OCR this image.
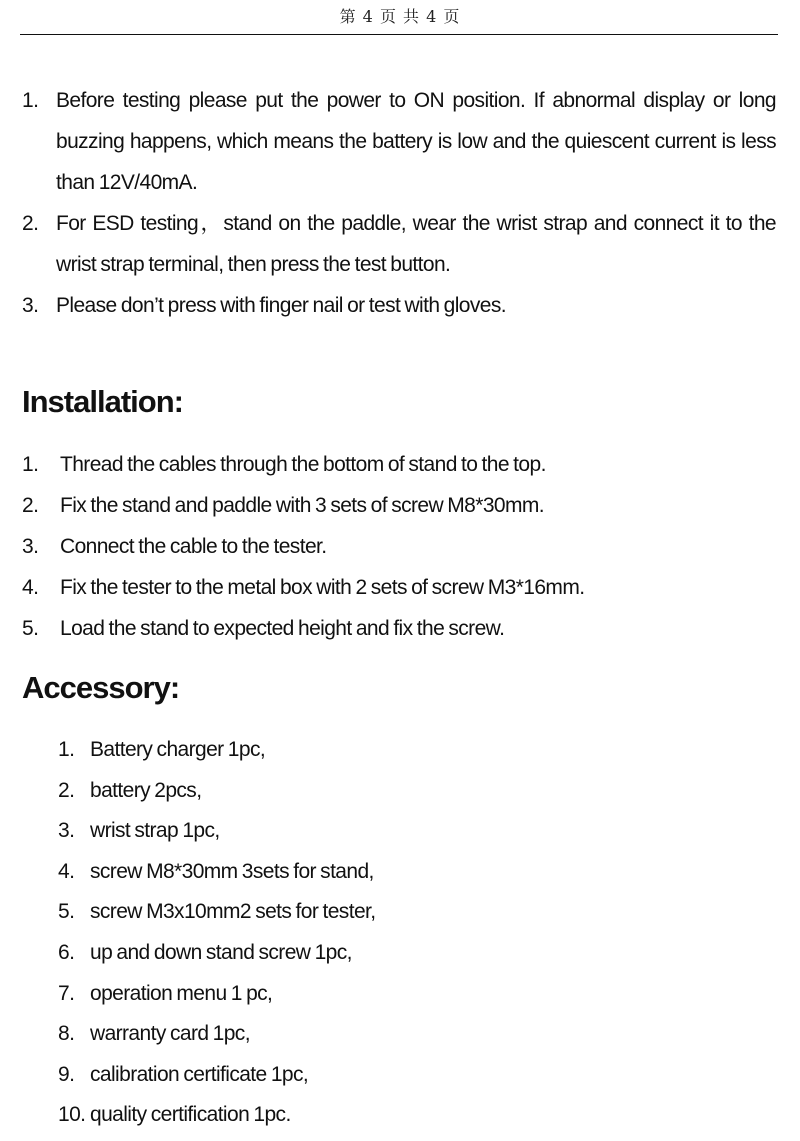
第 4 页 共 4 页
1. Before testing please put the power to ON position. If abnormal display or long buzzing happens, which means the battery is low and the quiescent current is less than 12V/40mA.
2. For ESD testing，stand on the paddle, wear the wrist strap and connect it to the wrist strap terminal, then press the test button.
3. Please don’t press with finger nail or test with gloves.
Installation:
1. Thread the cables through the bottom of stand to the top.
2. Fix the stand and paddle with 3 sets of screw M8*30mm.
3. Connect the cable to the tester.
4. Fix the tester to the metal box with 2 sets of screw M3*16mm.
5. Load the stand to expected height and fix the screw.
Accessory:
1. Battery charger 1pc,
2. battery 2pcs,
3. wrist strap 1pc,
4. screw M8*30mm 3sets for stand,
5. screw M3x10mm2 sets for tester,
6. up and down stand screw 1pc,
7. operation menu 1 pc,
8. warranty card 1pc,
9. calibration certificate 1pc,
10. quality certification 1pc.
